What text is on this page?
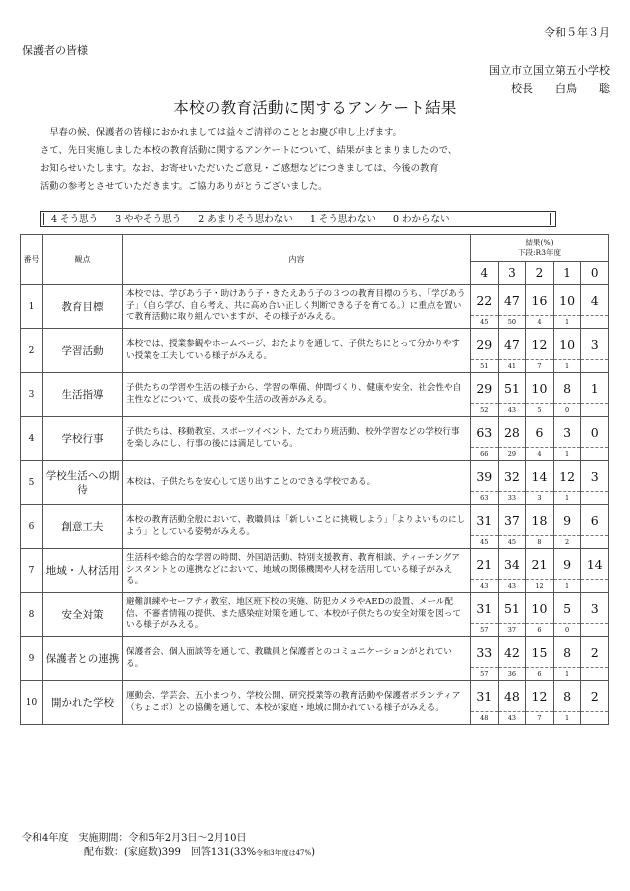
令和５年３月
保護者の皆様
国立市立国立第五小学校
校長　　白鳥　　聡
本校の教育活動に関するアンケート結果

　早春の候、保護者の皆様におかれましては益々ご清祥のこととお慶び申し上げます。

さて、先日実施しました本校の教育活動に関するアンケートについて、結果がまとまりましたので、

お知らせいたします。なお、お寄せいただいたご意見・ご感想などにつきましては、今後の教育

活動の参考とさせていただきます。ご協力ありがとうございました。

4 そう思う 3 ややそう思う 2 あまりそう思わない 1 そう思わない 0 わからない
番号	観点	内容	結果(%)
下段:R3年度				
			4	3	2	1	0
1	教育目標	本校では、学びあう子・助けあう子・きたえあう子の３つの教育目標のうち、「学びあう子」（自ら学び、自ら考え、共に高め合い正しく判断できる子を育てる。）に重点を置いて教育活動に取り組んでいますが、その様子がみえる。	22	47	16	10	4
			45	50	4	1	
2	学習活動	本校では、授業参観やホームページ、おたよりを通して、子供たちにとって分かりやすい授業を工夫している様子がみえる。	29	47	12	10	3
			51	41	7	1	
3	生活指導	子供たちの学習や生活の様子から、学習の準備、仲間づくり、健康や安全、社会性や自主性などについて、成長の姿や生活の改善がみえる。	29	51	10	8	1
			52	43	5	0	
4	学校行事	子供たちは、移動教室、スポーツイベント、たてわり班活動、校外学習などの学校行事を楽しみにし、行事の後には満足している。	63	28	6	3	0
			66	29	4	1	
5	学校生活への期待	本校は、子供たちを安心して送り出すことのできる学校である。	39	32	14	12	3
			63	33	3	1	
6	創意工夫	本校の教育活動全般において、教職員は「新しいことに挑戦しよう」「よりよいものにしよう」としている姿勢がみえる。	31	37	18	9	6
			45	45	8	2	
7	地域・人材活用	生活科や総合的な学習の時間、外国語活動、特別支援教育、教育相談、ティーチングアシスタントとの連携などにおいて、地域の関係機関や人材を活用している様子がみえる。	21	34	21	9	14
			43	43	12	1	
8	安全対策	避難訓練やセーフティ教室、地区班下校の実施、防犯カメラやAEDの設置、メール配信、不審者情報の提供、また感染症対策を通して、本校が子供たちの安全対策を図っている様子がみえる。	31	51	10	5	3
			57	37	6	0	
9	保護者との連携	保護者会、個人面談等を通して、教職員と保護者とのコミュニケーションがとれている。	33	42	15	8	2
			57	36	6	1	
10	開かれた学校	運動会、学芸会、五小まつり、学校公開、研究授業等の教育活動や保護者ボランティア（ちょこボ）との協働を通して、本校が家庭・地域に開かれている様子がみえる。	31	48	12	8	2
			48	43	7	1	
令和4年度　実施期間：令和5年2月3日～2月10日
配布数：(家庭数)399　回答131(33%令和3年度は47%)
